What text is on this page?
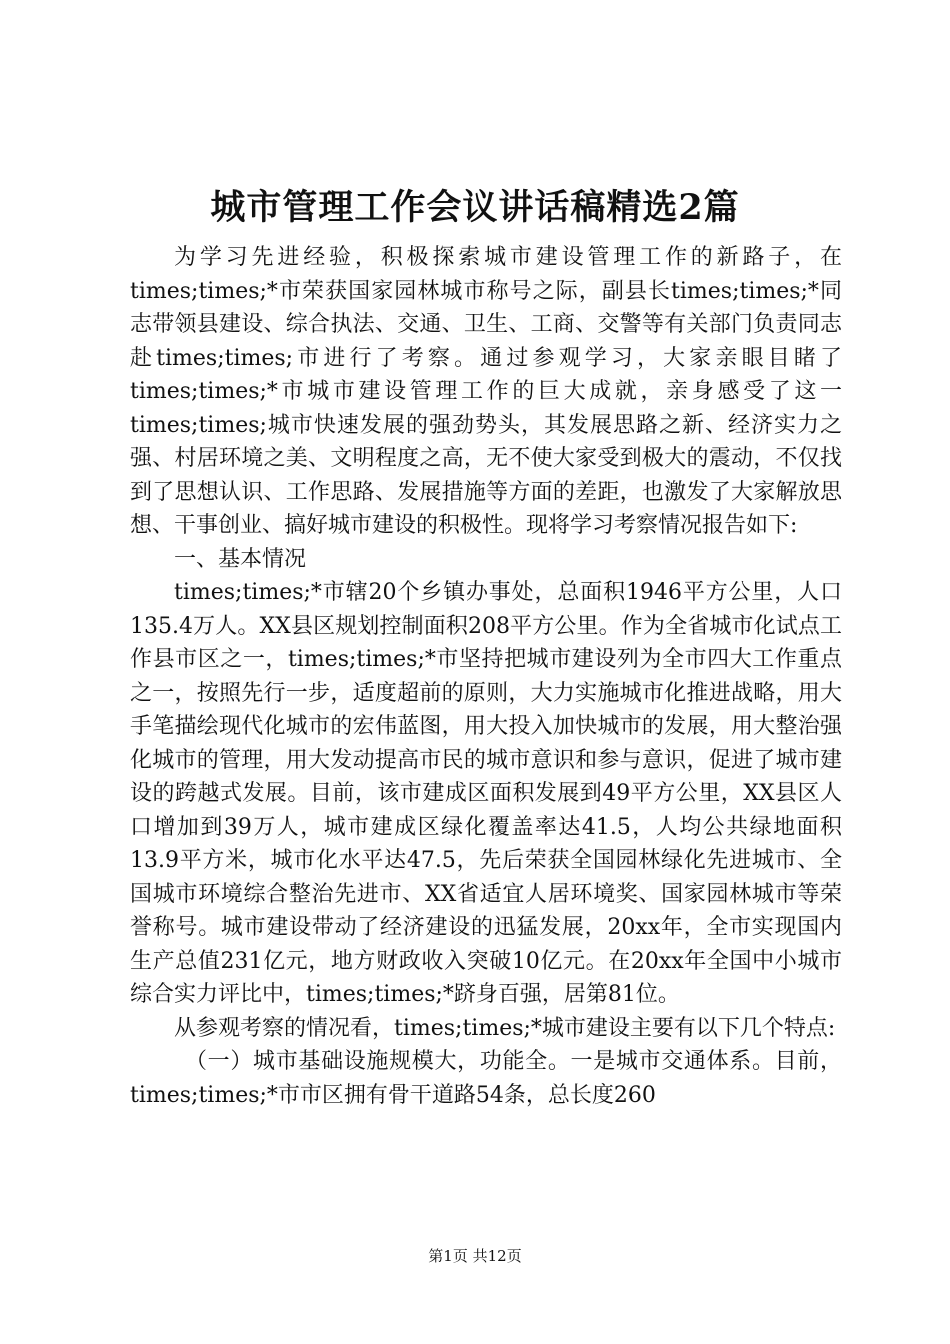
城市管理工作会议讲话稿精选2篇

为学习先进经验，积极探索城市建设管理工作的新路子，在times;times;*市荣获国家园林城市称号之际，副县长times;times;*同志带领县建设、综合执法、交通、卫生、工商、交警等有关部门负责同志赴times;times;市进行了考察。通过参观学习，大家亲眼目睹了times;times;*市城市建设管理工作的巨大成就，亲身感受了这一times;times;城市快速发展的强劲势头，其发展思路之新、经济实力之强、村居环境之美、文明程度之高，无不使大家受到极大的震动，不仅找到了思想认识、工作思路、发展措施等方面的差距，也激发了大家解放思想、干事创业、搞好城市建设的积极性。现将学习考察情况报告如下:

一、基本情况

times;times;*市辖20个乡镇办事处，总面积1946平方公里，人口135.4万人。XX县区规划控制面积208平方公里。作为全省城市化试点工作县市区之一，times;times;*市坚持把城市建设列为全市四大工作重点之一，按照先行一步，适度超前的原则，大力实施城市化推进战略，用大手笔描绘现代化城市的宏伟蓝图，用大投入加快城市的发展，用大整治强化城市的管理，用大发动提高市民的城市意识和参与意识，促进了城市建设的跨越式发展。目前，该市建成区面积发展到49平方公里，XX县区人口增加到39万人，城市建成区绿化覆盖率达41.5，人均公共绿地面积13.9平方米，城市化水平达47.5，先后荣获全国园林绿化先进城市、全国城市环境综合整治先进市、XX省适宜人居环境奖、国家园林城市等荣誉称号。城市建设带动了经济建设的迅猛发展，20xx年，全市实现国内生产总值231亿元，地方财政收入突破10亿元。在20xx年全国中小城市综合实力评比中，times;times;*跻身百强，居第81位。

从参观考察的情况看，times;times;*城市建设主要有以下几个特点:

（一）城市基础设施规模大，功能全。一是城市交通体系。目前，times;times;*市市区拥有骨干道路54条，总长度260

第1页 共12页
